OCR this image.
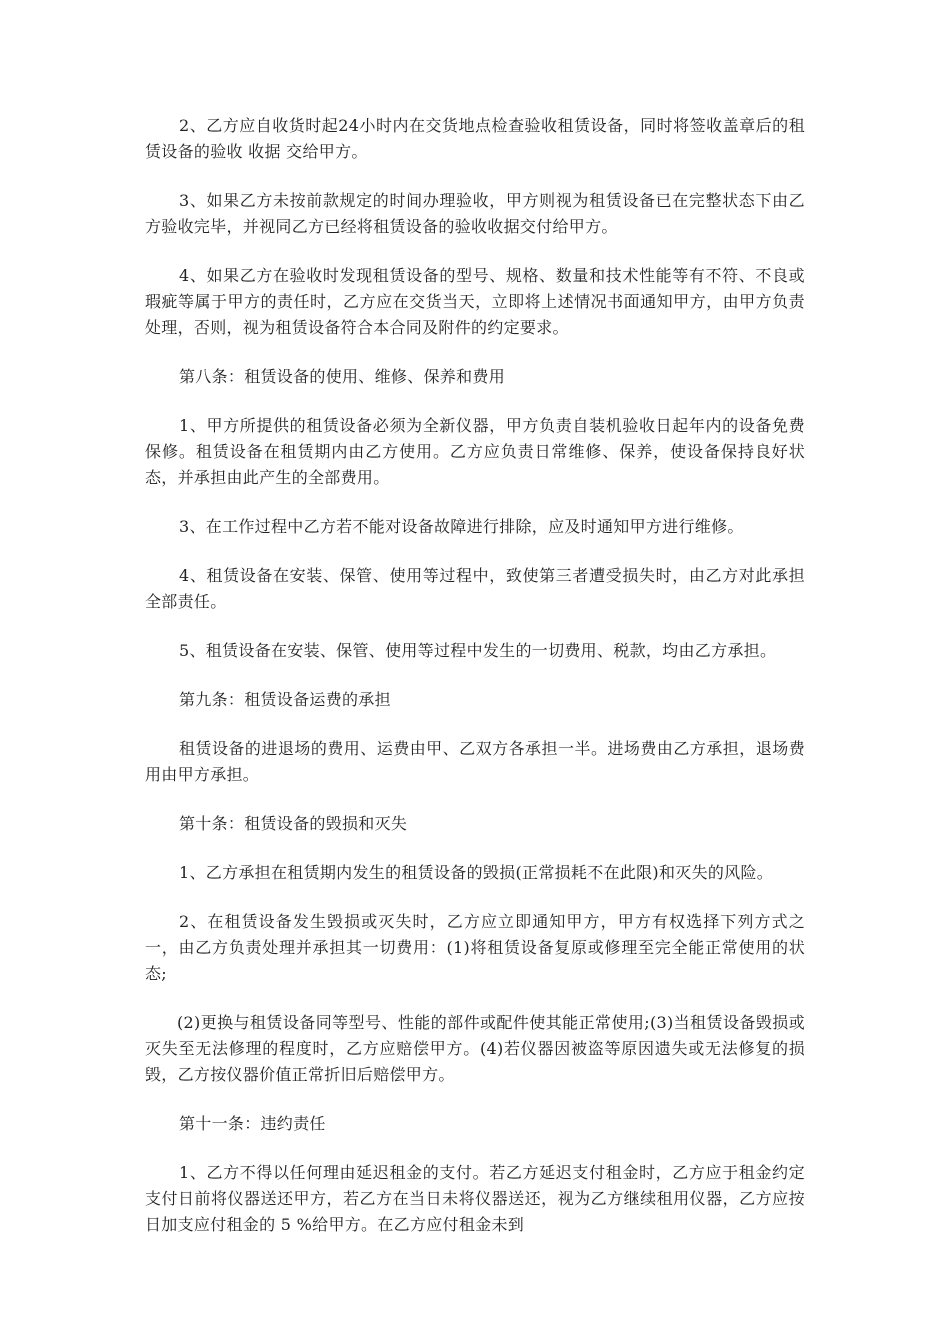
2、乙方应自收货时起24小时内在交货地点检查验收租赁设备，同时将签收盖章后的租赁设备的验收 收据 交给甲方。

3、如果乙方未按前款规定的时间办理验收，甲方则视为租赁设备已在完整状态下由乙方验收完毕，并视同乙方已经将租赁设备的验收收据交付给甲方。

4、如果乙方在验收时发现租赁设备的型号、规格、数量和技术性能等有不符、不良或瑕疵等属于甲方的责任时，乙方应在交货当天，立即将上述情况书面通知甲方，由甲方负责处理，否则，视为租赁设备符合本合同及附件的约定要求。

第八条：租赁设备的使用、维修、保养和费用

1、甲方所提供的租赁设备必须为全新仪器，甲方负责自装机验收日起年内的设备免费保修。租赁设备在租赁期内由乙方使用。乙方应负责日常维修、保养，使设备保持良好状态，并承担由此产生的全部费用。

3、在工作过程中乙方若不能对设备故障进行排除，应及时通知甲方进行维修。

4、租赁设备在安装、保管、使用等过程中，致使第三者遭受损失时，由乙方对此承担全部责任。

5、租赁设备在安装、保管、使用等过程中发生的一切费用、税款，均由乙方承担。

第九条：租赁设备运费的承担

租赁设备的进退场的费用、运费由甲、乙双方各承担一半。进场费由乙方承担，退场费用由甲方承担。

第十条：租赁设备的毁损和灭失

1、乙方承担在租赁期内发生的租赁设备的毁损(正常损耗不在此限)和灭失的风险。

2、在租赁设备发生毁损或灭失时，乙方应立即通知甲方，甲方有权选择下列方式之一，由乙方负责处理并承担其一切费用：(1)将租赁设备复原或修理至完全能正常使用的状态;

(2)更换与租赁设备同等型号、性能的部件或配件使其能正常使用;(3)当租赁设备毁损或灭失至无法修理的程度时，乙方应赔偿甲方。(4)若仪器因被盗等原因遗失或无法修复的损毁，乙方按仪器价值正常折旧后赔偿甲方。

第十一条：违约责任

1、乙方不得以任何理由延迟租金的支付。若乙方延迟支付租金时，乙方应于租金约定支付日前将仪器送还甲方，若乙方在当日未将仪器送还，视为乙方继续租用仪器，乙方应按日加支应付租金的 5 %给甲方。在乙方应付租金未到
